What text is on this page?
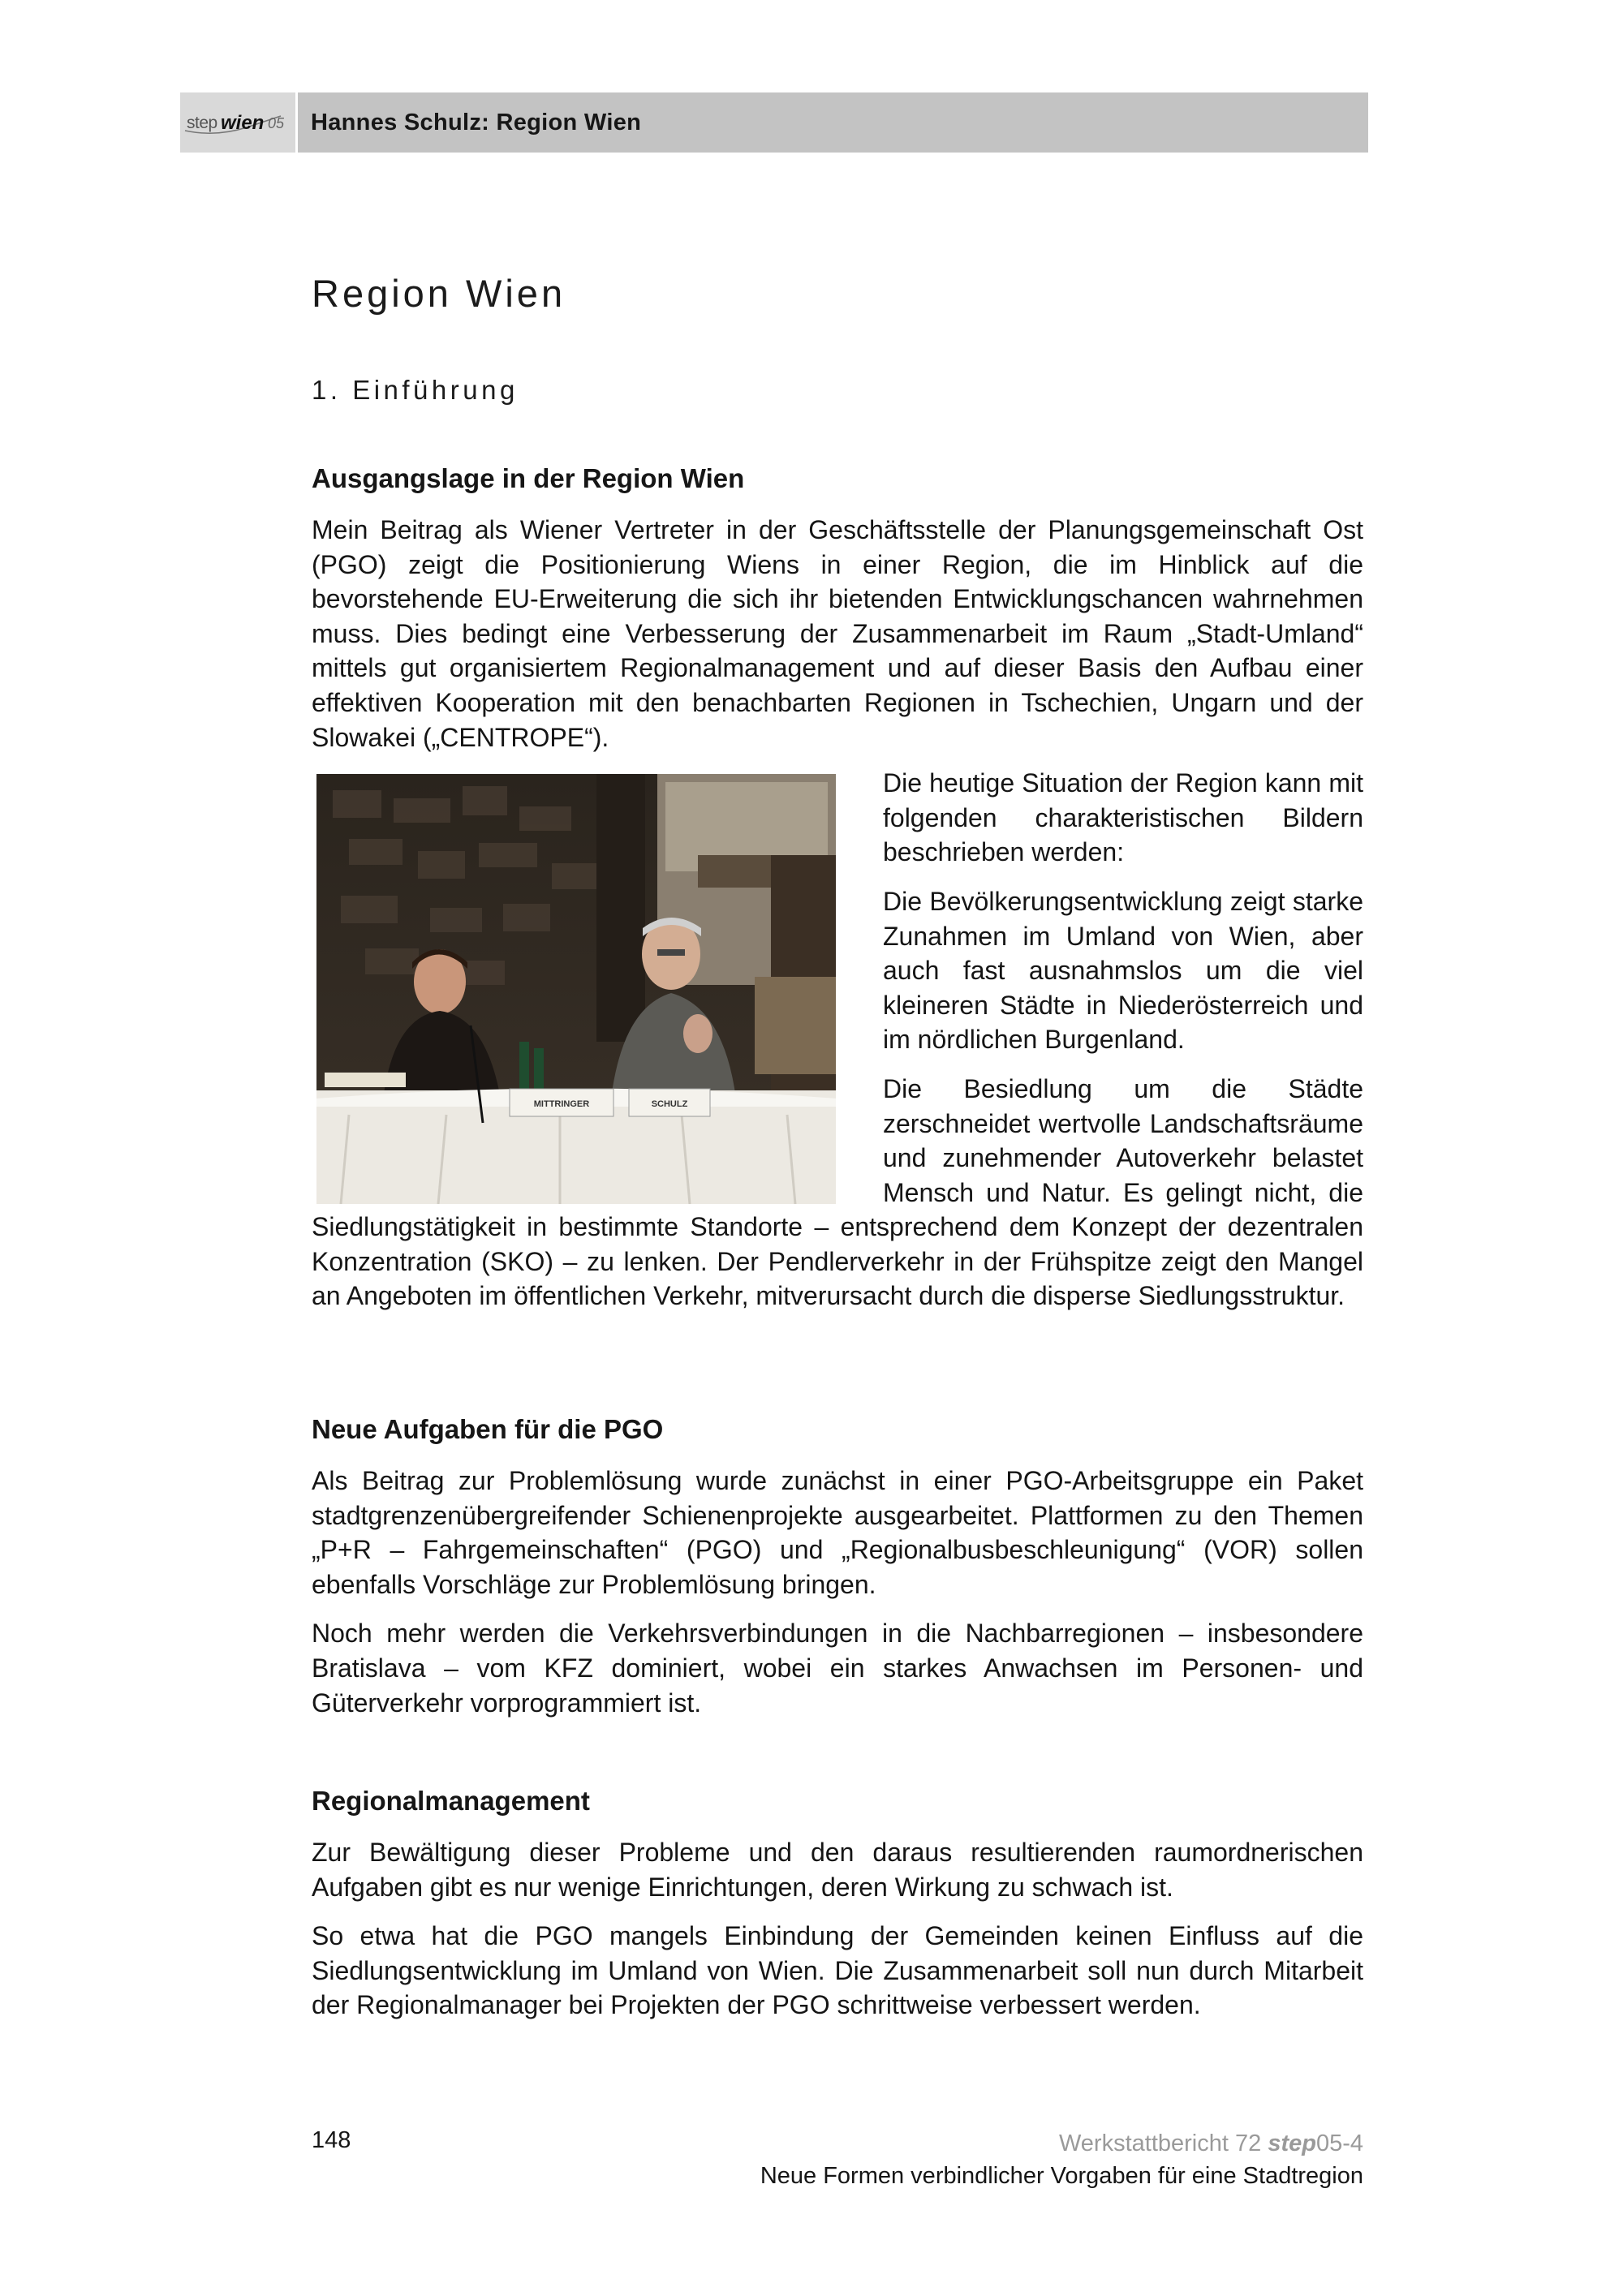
step wien 05	Hannes Schulz: Region Wien
Region Wien
1. Einführung
Ausgangslage in der Region Wien

Mein Beitrag als Wiener Vertreter in der Geschäftsstelle der Planungsgemeinschaft Ost (PGO) zeigt die Positionierung Wiens in einer Region, die im Hinblick auf die bevorstehende EU-Erweiterung die sich ihr bietenden Entwicklungschancen wahrnehmen muss. Dies bedingt eine Verbesserung der Zusammenarbeit im Raum „Stadt-Umland“ mittels gut organisiertem Regionalmanagement und auf dieser Basis den Aufbau einer effektiven Kooperation mit den benachbarten Regionen in Tschechien, Ungarn und der Slowakei („CENTROPE“).

MITTRINGER	SCHULZ

Die heutige Situation der Region kann mit folgenden charakteristischen Bildern beschrieben werden:

Die Bevölkerungsentwicklung zeigt starke Zunahmen im Umland von Wien, aber auch fast ausnahmslos um die viel kleineren Städte in Niederösterreich und im nördlichen Burgenland.

Die Besiedlung um die Städte zerschneidet wertvolle Landschaftsräume und zunehmender Autoverkehr belastet Mensch und Natur. Es gelingt nicht, die Siedlungstätigkeit in bestimmte Standorte – entsprechend dem Konzept der dezentralen Konzentration (SKO) – zu lenken. Der Pendlerverkehr in der Frühspitze zeigt den Mangel an Angeboten im öffentlichen Verkehr, mitverursacht durch die disperse Siedlungsstruktur.

Neue Aufgaben für die PGO

Als Beitrag zur Problemlösung wurde zunächst in einer PGO-Arbeitsgruppe ein Paket stadtgrenzenübergreifender Schienenprojekte ausgearbeitet. Plattformen zu den Themen „P+R – Fahrgemeinschaften“ (PGO) und „Regionalbusbeschleunigung“ (VOR) sollen ebenfalls Vorschläge zur Problemlösung bringen.

Noch mehr werden die Verkehrsverbindungen in die Nachbarregionen – insbesondere Bratislava – vom KFZ dominiert, wobei ein starkes Anwachsen im Personen- und Güterverkehr vorprogrammiert ist.

Regionalmanagement

Zur Bewältigung dieser Probleme und den daraus resultierenden raumordnerischen Aufgaben gibt es nur wenige Einrichtungen, deren Wirkung zu schwach ist.

So etwa hat die PGO mangels Einbindung der Gemeinden keinen Einfluss auf die Siedlungsentwicklung im Umland von Wien. Die Zusammenarbeit soll nun durch Mitarbeit der Regionalmanager bei Projekten der PGO schrittweise verbessert werden.

148	Werkstattbericht 72 step05-4
Neue Formen verbindlicher Vorgaben für eine Stadtregion
